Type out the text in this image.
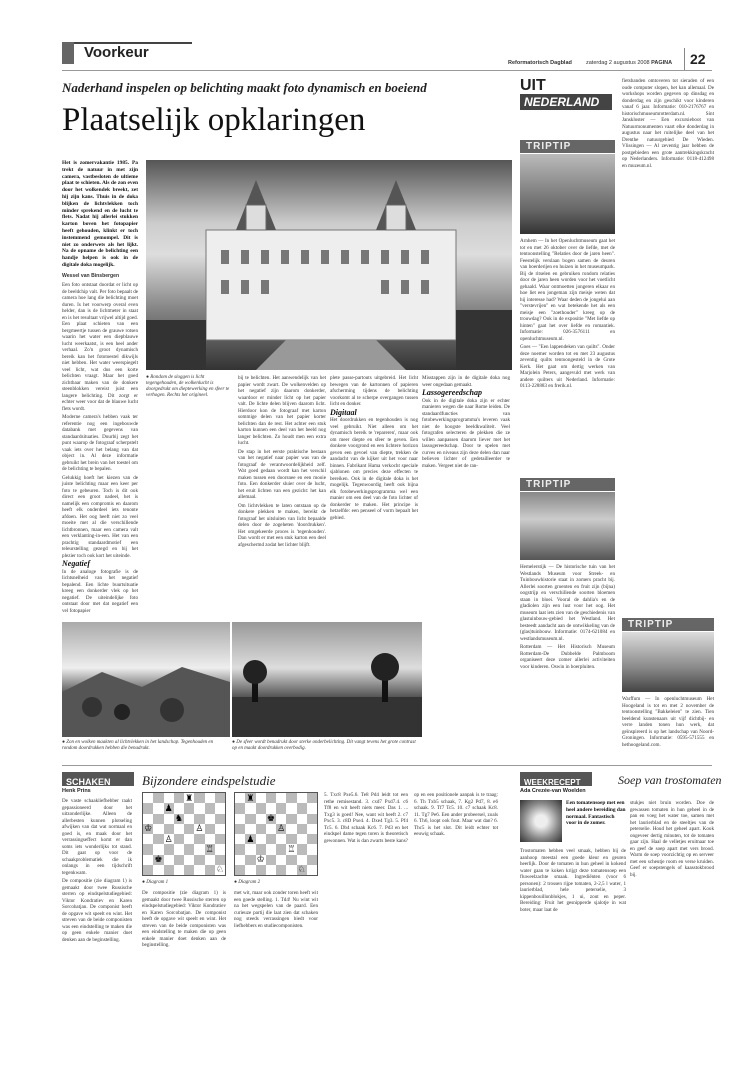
Voorkeur
Reformatorisch Dagblad	zaterdag 2 augustus 2008 PAGINA 22
Naderhand inspelen op belichting maakt foto dynamisch en boeiend
Plaatselijk opklaringen

Het is zomervakantie 1985. Pa trekt de natuur in met zijn camera, vastbesloten de ultieme plaat te schieten. Als de zon even door het wolkendek breekt, zet hij zijn kans. Thuis in de doka blijken de lichtvlekken toch minder sprekend en de lucht te flets. Nadat hij allerlei stukken karton boven het fotopapier heeft gehouden, klinkt er toch instemmend gemompel. Dit is niet zo onderwets als het lijkt. Na de opname de belichting een handje helpen is ook in de digitale doka mogelijk.

Wessel van Binsbergen

Een foto ontstaat doordat er licht op de beeldchip valt. Per foto bepaalt de camera hoe lang die belichting moet duren. Is het voorwerp overal even helder, dan is de lichtmeter in staat en is het resultaat vrijwel altijd goed. Een plaat schieten van een bergmeertje tussen de grauwe rotsen waarin het water een diepblauwe lucht weerkaatst, is een heel ander verhaal. Zo'n groot dynamisch bereik kan het fototoestel dikwijls niet hebben. Het water weerspiegelt veel licht, wat dus een korte belichten vraagt. Maar het goed zichtbaar maken van de donkere steenblokken vereist juist een langere belichting. Dit zorgt er echter weer voor dat de blauwe lucht flets wordt.

Moderne camera's hebben vaak ter referentie nog een ingebouwde databank met gegevens van standaardsituaties. Duurbij zegt het punt waarop de fotograaf scherpstelt vaak iets over het belang van dat object in. Al deze informatie gebruikt het brein van het toestel om de belichting te bepalen.

Gelukkig hoeft het kiezen van de juiste belichting maar een keer per foto te gebeuren. Toch is dit ook direct een groot nadeel, het is namelijk een compromis en daarom heeft elk onderdeel iets tenonte afdoen. Het oog heeft niet zo veel moeite met al die verschillende lichtbronnen, maar een camera valt een verklanting-in-een. Het van een prachtig standaardmotief een teleurstelling gezegd en bij het plezier toch ook kort het uiteinde.

Negatief

In de analoge fotografie is de lichtsnelheid van het negatief bepalend. Een lichte buurtsituatie kreeg een donkerder vlek op het negatief. De uiteindelijke foto ontstaat door met dat negatief een vel fotopapier

● Rondom de sloggen is licht tegengehouden, de wolkenlucht is doorgedrukt om dieptewerking en sfeer te verhogen. Rechts het origineel.

bij te belichten. Het aanwendelijk van het papier wordt zwart. De wolkenvelden op het negatief zijn daarom donkerder, waardoor er minder licht op het papier valt. De lichte delen blijven daarom licht. Hierdoor kon de fotograaf met karton sommige delen van het papier korter belichten dan de rest. Het achter een stuk karton kunnen een deel van het beeld nog langer belichten. Zo houdt men een extra lucht.

De stap in het eerste praktische bestaan van het negatief naar papier was van de fotograaf de verantwoordelijkheid zelf. Wat goed gedaan wordt kan het verschil maken tussen een doorsnee en een mooie foto. Een donkerder sluier over de lucht, het eruit lichten van een gezicht: het kan allemaal.

Om lichtvlekken te laten ontstaan op de donkere plekken te maken, bereikt de fotograaf het uitsluiten van licht bepaalde delen door de zogeheten 'doordrukken'. Het omgekeerde proces is 'tegenhouden'. Dan wordt er met een stuk karton een deel afgeschermd zodat het lichter blijft.

plete passe-partouts uitgebreid. Het licht bewegen van de kartonnen of papieren afscherming tijdens de belichting voorkomt al te scherpe overgangen tussen licht en donker.

Digitaal

Het doordrukken en tegenhouden is nog veel gebruikt. Niet alleen om het dynamisch bereik te 'repareren', maar ook om meer diepte en sfeer te geven. Een donkere voorgrond en een lichtere horizon geven een gevoel van diepte, trekken de aandacht van de kijker uit het voor naar binnen. Fabrikant Hama verkocht speciale sjablonen om precies deze effecten te bereiken. Ook in de digitale doka is het mogelijk. Tegenwoordig heeft ook bijna elk fotobewerkingsprogramma wel een manier om een deel van de foto lichter of donkerder te maken. Het principe is hetzelfde: een penseel of vorm bepaalt het gebied.

Misstappen zijn in de digitale doka nog weer ongedaan gemaakt.

Lassogereedschap

Ook in de digitale doka zijn er echter manieren wegen die naar Rome leiden. De standaardfuncties van fotobewerkingsprogramma's leveren vaak niet de hoogste beeldkwaliteit. Veel fotografen selecteren de plekken die ze willen aanpassen daarom liever met het lassogereedschap. Door te spelen met curves en niveaus zijn deze delen dan naar believen lichter of gedetailleerder te maken. Vergeet niet de ran-

● Zon en wolken maakten al lichtvlekken in het landschap. Tegenhouden en rondom doordrukken hebben die benadrukt.
● De sfeer wordt benadrukt door sterke onderbelichting. Dit vangt tevens het grote contrast op en maakt doordrukken overbodig.
UIT
NEDERLAND
TRIPTIP

Arnhem — In het Openluchtmuseum gaat het tot en met 26 oktober over de liefde, met de tentoonstelling "Relaties door de jaren heen". Feestelijk verslaan bogen samen de deuren van boerderijen en huizen in het museumpark. Bij de ritselen en gebruiken rondom relaties door de jaren heen worden voor het voetlicht gehaald. Waar ontmoetten jongeren elkaar en hoe liet een jongeman zijn meisje weten dat hij interesse had? Waar deden de jongelui aan "verstevrijen" en wat betekende het als een meisje een "zoethouder" kreeg op de trouwdag? Ook in de expositie "Met liefde op hinten" gaat het over liefde en romantiek. Informatie: 026-3576111 en openluchtmuseum.nl.

Goes — "Een lappendeken van quilts". Onder deze noemer worden tot en met 23 augustus zeventig quilts tentoongesteld in de Grote Kerk. Het gaat om dertig werken van Marjolein Peters, aangevuld met werk van andere quilters uit Nederland. Informatie: 0113-228883 en frerik.nl.

TRIPTIP

Hemelerstijk — De historische tuin van het Westlands Museum voor Streek- en Tuinbouwhistorie staat in zomers pracht bij. Allerlei soorten groenten en fruit zijn (bijna) oogstrijp en verschillende soorten bloemen staan in bloei. Vooral de dahlia's en de gladiolen zijn een lust voor het oog. Het museum laat iets zien van de geschiedenis van glastuinbouw-gebied het Westland. Het besteedt aandacht aan de ontwikkeling van de (glas)tuinbouw. Informatie: 0174-621084 en westlandsmuseum.nl.

Rotterdam — Het Historisch Museum Rotterdam-De Dubbelde Palmboom organiseert deze zomer allerlei activiteiten voor kinderen. Oswin in boerpluiten.

fietsbanden omtoveren tot sieraden of een oude computer slopen, het kan allemaal. De workshops worden gegeven op dinsdag en donderdag en zijn geschikt voor kinderen vanaf 6 jaar. Informatie: 010-2176767 en historischmuseumrotterdam.nl. Sint Janskloster — Een excursieboot van Natuurmonumenten vaart elke donderdag in augustus naar het ruitelijke deel van het Drenthe natuurgebied De Wieden. Vlissingen — Al zeventig jaar hebben de postgebieden een grote aantrekkingskracht op Nederlanders. Informatie: 0118-412498 en muzeum.nl.

TRIPTIP

Warffum — In openluchtmuseum Het Hoogeland is tot en met 2 november de tentoonstelling "Bakkeleien" te zien. Tien beeldend kunstenaars uit vijf dichtbij- en verre landen tonen hun werk, dat geïnspireerd is op het landschap van Noord-Groningen. Informatie: 0595-571555 en hethoogeland.com.

SCHAKEN
Henk Prins
Bijzondere eindspelstudie

De vaste schaakliefhebber raakt gepassioneerd door het uitzonderlijke. Alleen de allerbesten kunnen plotseling afwijken van dat wat normaal en goed is, en maak door het verrassingseffect komt er dan soms iets wonderlijks tot stand. Dit gaat op voor de schaakproblematiek die ik onlangs in een tijdschrift tegenkwam.

De compositie (zie diagram 1) is gemaakt door twee Russische sterren op eindspelstudiegebied: Viktor Kondratiev en Karen Sorcobatjan. De componist heeft de opgave wit speelt en wint. Het streven van de beide componisten was een eindstelling te maken die op geen enkele manier doet denken aan de beginstelling.

♜
♟
♞
♔	♙
♙
♖
♚
♘
● Diagram 1
♜
♚
♙
♟
♖
♔
♘
● Diagram 2

De compositie (zie diagram 1) is gemaakt door twee Russische sterren op eindspelstudiegebied: Viktor Kondratiev en Karen Sorcobatjan. De componist heeft de opgave wit speelt en wint. Het streven van de beide componisten was een eindstelling te maken die op geen enkele manier doet denken aan de beginstelling.

met wit, maar ook zonder toren heeft wit een goede stelling. 1. Td4! Nu wint wit na het wegspelen van de paard. Een curieuze partij die laat zien dat schaken nog steeds verrassingen biedt voor liefhebbers en studiecomponisten.

5. Txc8 Pxe5.6. Te8 Pd4 leidt tot een rethe remisestand. 3. cxd7 Pxd7.4. c6 Tf8 en wit heeft niets meer. Das 1. ... Txg3 is goed! Nee, want wit heeft 2. c7 Pxc5. 3. c8D Pxe4. 4. Dxe4 Tg3. 5. Pf4 Tc5. 6. Db4 schaak Kc6. 7. Pd3 en het eindspel dame tegen toren is theoretisch gewonnen. Wat is dan zwarts beste kans?

op en een positionele aanpak is te traag: 6. Th Txb5 schaak, 7. Kg2 Pd7, 8. e6 schaak. 9. Tf7 Tc5. 10. c7 schaak Kc8. 11. Tg7 Pe6. Een ander probeersel, zoals 6. Th6, loopt ook fout. Maar wat dan? 6. Thc5 is het slot. Dit leidt echter tot eeuwig schaak.

WEEKRECEPT
Ada Crezée-van Woelden
Soep van trostomaten
Een tomatensoep met een heel andere bereiding dan normaal. Fantastisch voor in de zomer.

Trostomaten hebben veel smaak, hebben bij de aanhoop meestal een goede kleur en geuren heerlijk. Door de tomaten in hun geheel in kokend water gaan te koken krijgt deze tomatensoep een fluweelzachte smaak. Ingrediënten (voor 6 personen): 2 trossen rijpe tomaten, 2-2,5 l water, 1 laurierblad, hele peterselie, 3 kippenbouillonblokjes, 1 ui, zout en peper. Bereiding: Fruit het gesnipperde sjalotje in wat boter, maar laat de

stukjes niet bruin worden. Doe de gewassen tomaten in hun geheel in de pan en voeg het water toe, samen met het laurierblad en de steeltjes van de peterselie. Houd het geheel apart. Kook ongeveer dertig minuten, tot de tomaten gaar zijn. Haal de velletjes eruitnaar toe en geef de soep apart met vers brood. Warm de soep voorzichtig op en serveer met een scheutje room en verse kruiden. Geef er soepstengels of kaasstokbrood bij.
